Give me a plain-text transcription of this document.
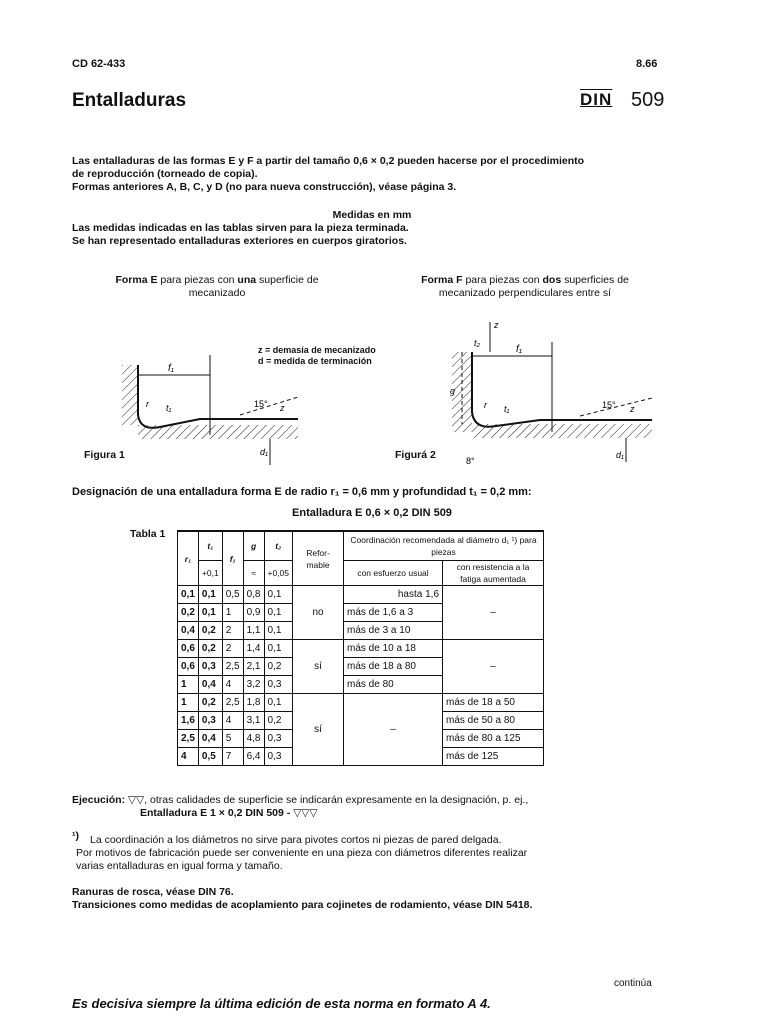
CD 62-433	8.66
Entalladuras	DIN 509
Las entalladuras de las formas E y F a partir del tamaño 0,6 × 0,2 pueden hacerse por el procedimiento
de reproducción (torneado de copia).
Formas anteriores A, B, C, y D (no para nueva construcción), véase página 3.
Medidas en mm
Las medidas indicadas en las tablas sirven para la pieza terminada.
Se han representado entalladuras exteriores en cuerpos giratorios.
Forma E para piezas con una superficie de
mecanizado
Forma F para piezas con dos superficies de
mecanizado perpendiculares entre sí
z = demasía de mecanizado
d = medida de terminación
f₁
r t₁	15° z
d₁
Figura 1
z
t₂
f₁
g
r t₁	15° z
d₁
8°
Figurá 2
Designación de una entalladura forma E de radio r₁ = 0,6 mm y profundidad t₁ = 0,2 mm:
Entalladura E 0,6 × 0,2 DIN 509
Tabla 1
r₁	t₁	f₁	g	t₂	Refor-mable	Coordinación recomendada al diámetro d₁ ¹) para piezas	
	+0,1		≈	+0,05		con esfuerzo usual	con resistencia a la fatiga aumentada
0,1	0,1	0,5	0,8	0,1	no	hasta 1,6	–
0,2	0,1	1	0,9	0,1		más de 1,6 a 3	
0,4	0,2	2	1,1	0,1		más de 3 a 10	
0,6	0,2	2	1,4	0,1	sí	más de 10 a 18	–
0,6	0,3	2,5	2,1	0,2		más de 18 a 80	
1	0,4	4	3,2	0,3		más de 80	
1	0,2	2,5	1,8	0,1	sí	–	más de 18 a 50
1,6	0,3	4	3,1	0,2			más de 50 a 80
2,5	0,4	5	4,8	0,3			más de 80 a 125
4	0,5	7	6,4	0,3			más de 125
Ejecución: ▽▽, otras calidades de superficie se indicarán expresamente en la designación, p. ej.,
Entalladura E 1 × 0,2 DIN 509 - ▽▽▽
¹)	La coordinación a los diámetros no sirve para pivotes cortos ni piezas de pared delgada.
Por motivos de fabricación puede ser conveniente en una pieza con diámetros diferentes realizar
varias entalladuras en igual forma y tamaño.
Ranuras de rosca, véase DIN 76.
Transiciones como medidas de acoplamiento para cojinetes de rodamiento, véase DIN 5418.
continúa
Es decisiva siempre la última edición de esta norma en formato A 4.
